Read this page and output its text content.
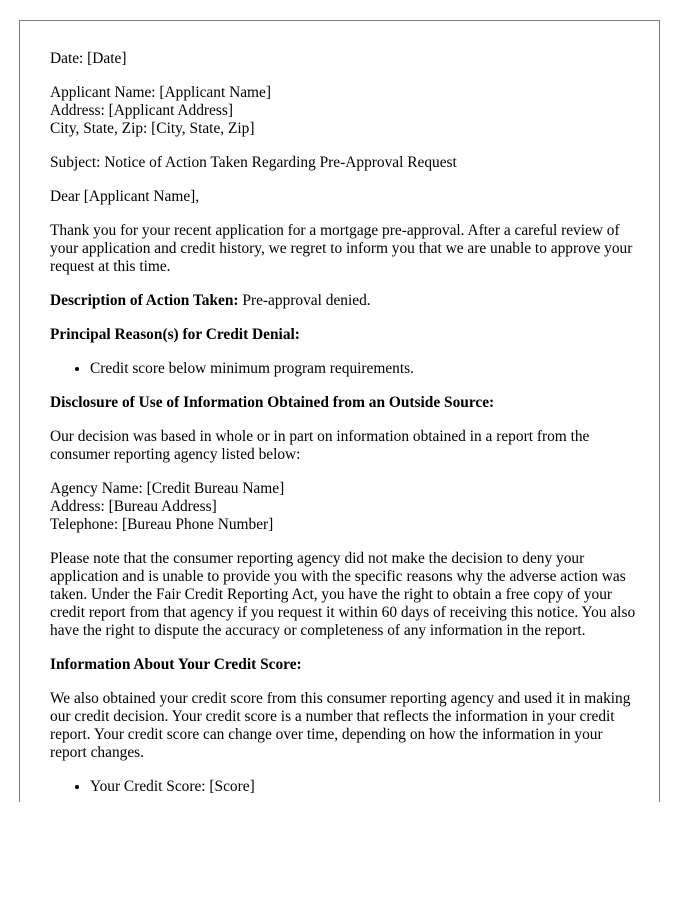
Date: [Date]

Applicant Name: [Applicant Name]
Address: [Applicant Address]
City, State, Zip: [City, State, Zip]

Subject: Notice of Action Taken Regarding Pre-Approval Request

Dear [Applicant Name],

Thank you for your recent application for a mortgage pre-approval. After a careful review of your application and credit history, we regret to inform you that we are unable to approve your request at this time.

Description of Action Taken: Pre-approval denied.

Principal Reason(s) for Credit Denial:

• Credit score below minimum program requirements.

Disclosure of Use of Information Obtained from an Outside Source:

Our decision was based in whole or in part on information obtained in a report from the consumer reporting agency listed below:

Agency Name: [Credit Bureau Name]
Address: [Bureau Address]
Telephone: [Bureau Phone Number]

Please note that the consumer reporting agency did not make the decision to deny your application and is unable to provide you with the specific reasons why the adverse action was taken. Under the Fair Credit Reporting Act, you have the right to obtain a free copy of your credit report from that agency if you request it within 60 days of receiving this notice. You also have the right to dispute the accuracy or completeness of any information in the report.

Information About Your Credit Score:

We also obtained your credit score from this consumer reporting agency and used it in making our credit decision. Your credit score is a number that reflects the information in your credit report. Your credit score can change over time, depending on how the information in your report changes.

• Your Credit Score: [Score]
